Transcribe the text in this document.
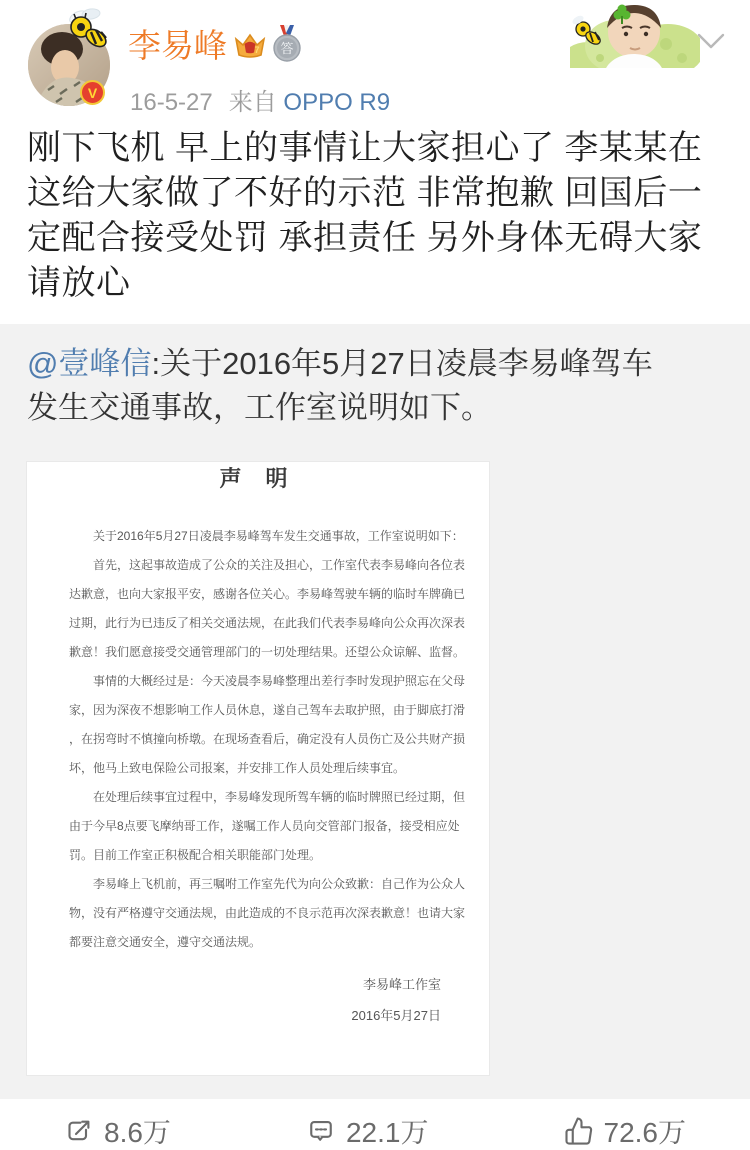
V
李易峰	7 答
16-5-27 来自 OPPO R9
刚下飞机 早上的事情让大家担心了 李某某在
这给大家做了不好的示范 非常抱歉 回国后一
定配合接受处罚 承担责任 另外身体无碍大家
请放心
@壹峰信:关于2016年5月27日凌晨李易峰驾车
发生交通事故，工作室说明如下。
声 明
　　关于2016年5月27日凌晨李易峰驾车发生交通事故，工作室说明如下：
　　首先，这起事故造成了公众的关注及担心，工作室代表李易峰向各位表
达歉意，也向大家报平安，感谢各位关心。李易峰驾驶车辆的临时车牌确已
过期，此行为已违反了相关交通法规，在此我们代表李易峰向公众再次深表
歉意！我们愿意接受交通管理部门的一切处理结果。还望公众谅解、监督。
　　事情的大概经过是：今天凌晨李易峰整理出差行李时发现护照忘在父母
家，因为深夜不想影响工作人员休息，遂自己驾车去取护照，由于脚底打滑
，在拐弯时不慎撞向桥墩。在现场查看后，确定没有人员伤亡及公共财产损
坏，他马上致电保险公司报案，并安排工作人员处理后续事宜。
　　在处理后续事宜过程中，李易峰发现所驾车辆的临时牌照已经过期，但
由于今早8点要飞摩纳哥工作，遂嘱工作人员向交管部门报备，接受相应处
罚。目前工作室正积极配合相关职能部门处理。
　　李易峰上飞机前，再三嘱咐工作室先代为向公众致歉：自己作为公众人
物，没有严格遵守交通法规，由此造成的不良示范再次深表歉意！也请大家
都要注意交通安全，遵守交通法规。
李易峰工作室
2016年5月27日
8.6万	22.1万	72.6万
